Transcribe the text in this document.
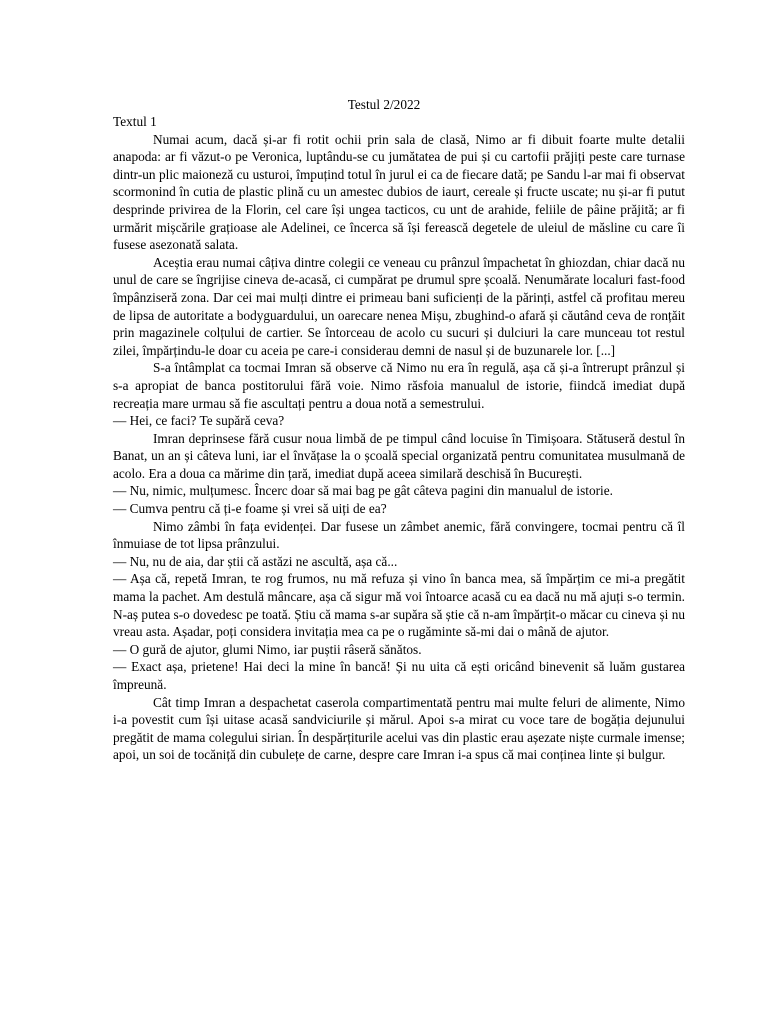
Testul 2/2022
Textul 1

Numai acum, dacă și-ar fi rotit ochii prin sala de clasă, Nimo ar fi dibuit foarte multe detalii anapoda: ar fi văzut-o pe Veronica, luptându-se cu jumătatea de pui și cu cartofii prăjiți peste care turnase dintr-un plic maioneză cu usturoi, împuțind totul în jurul ei ca de fiecare dată; pe Sandu l-ar mai fi observat scormonind în cutia de plastic plină cu un amestec dubios de iaurt, cereale și fructe uscate; nu și-ar fi putut desprinde privirea de la Florin, cel care își ungea tacticos, cu unt de arahide, feliile de pâine prăjită; ar fi urmărit mișcările grațioase ale Adelinei, ce încerca să își ferească degetele de uleiul de măsline cu care îi fusese asezonată salata.

Aceștia erau numai câțiva dintre colegii ce veneau cu prânzul împachetat în ghiozdan, chiar dacă nu unul de care se îngrijise cineva de-acasă, ci cumpărat pe drumul spre școală. Nenumărate localuri fast-food împânziseră zona. Dar cei mai mulți dintre ei primeau bani suficienți de la părinți, astfel că profitau mereu de lipsa de autoritate a bodyguardului, un oarecare nenea Mișu, zbughind-o afară și căutând ceva de ronțăit prin magazinele colțului de cartier. Se întorceau de acolo cu sucuri și dulciuri la care munceau tot restul zilei, împărțindu-le doar cu aceia pe care-i considerau demni de nasul și de buzunarele lor. [...]

S-a întâmplat ca tocmai Imran să observe că Nimo nu era în regulă, așa că și-a întrerupt prânzul și s-a apropiat de banca postitorului fără voie. Nimo răsfoia manualul de istorie, fiindcă imediat după recreația mare urmau să fie ascultați pentru a doua notă a semestrului.

— Hei, ce faci? Te supără ceva?

Imran deprinsese fără cusur noua limbă de pe timpul când locuise în Timișoara. Stătuseră destul în Banat, un an și câteva luni, iar el învățase la o școală special organizată pentru comunitatea musulmană de acolo. Era a doua ca mărime din țară, imediat după aceea similară deschisă în București.

— Nu, nimic, mulțumesc. Încerc doar să mai bag pe gât câteva pagini din manualul de istorie.

— Cumva pentru că ți-e foame și vrei să uiți de ea?

Nimo zâmbi în fața evidenței. Dar fusese un zâmbet anemic, fără convingere, tocmai pentru că îl înmuiase de tot lipsa prânzului.

— Nu, nu de aia, dar știi că astăzi ne ascultă, așa că...

— Așa că, repetă Imran, te rog frumos, nu mă refuza și vino în banca mea, să împărțim ce mi-a pregătit mama la pachet. Am destulă mâncare, așa că sigur mă voi întoarce acasă cu ea dacă nu mă ajuți s-o termin. N-aș putea s-o dovedesc pe toată. Știu că mama s-ar supăra să știe că n-am împărțit-o măcar cu cineva și nu vreau asta. Așadar, poți considera invitația mea ca pe o rugăminte să-mi dai o mână de ajutor.

— O gură de ajutor, glumi Nimo, iar puștii râseră sănătos.

— Exact așa, prietene! Hai deci la mine în bancă! Și nu uita că ești oricând binevenit să luăm gustarea împreună.

Cât timp Imran a despachetat caserola compartimentată pentru mai multe feluri de alimente, Nimo i-a povestit cum își uitase acasă sandviciurile și mărul. Apoi s-a mirat cu voce tare de bogăția dejunului pregătit de mama colegului sirian. În despărțiturile acelui vas din plastic erau așezate niște curmale imense; apoi, un soi de tocăniță din cubulețe de carne, despre care Imran i-a spus că mai conținea linte și bulgur.
